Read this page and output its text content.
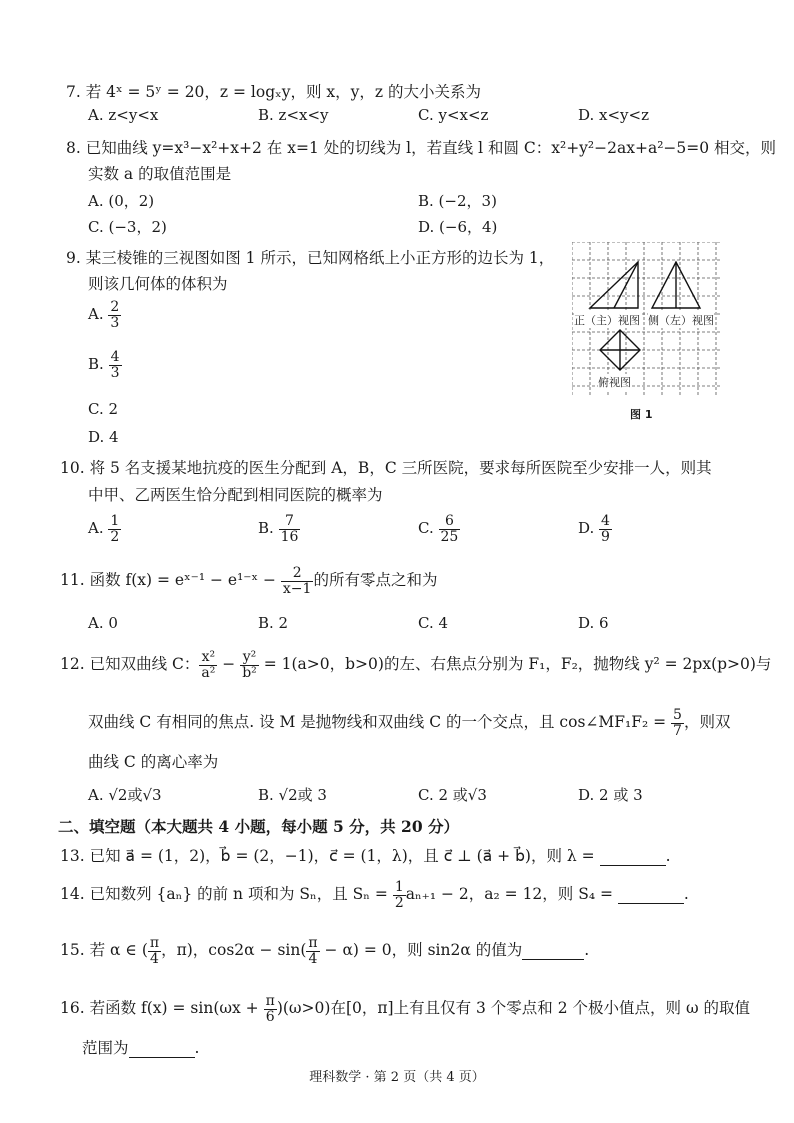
7. 若 4ˣ = 5ʸ = 20，z = logₓy，则 x，y，z 的大小关系为
A. z<y<x	B. z<x<y	C. y<x<z	D. x<y<z
8. 已知曲线 y=x³−x²+x+2 在 x=1 处的切线为 l，若直线 l 和圆 C：x²+y²−2ax+a²−5=0 相交，则
实数 a 的取值范围是
A. (0，2)	B. (−2，3)
C. (−3，2)	D. (−6，4)
9. 某三棱锥的三视图如图 1 所示，已知网格纸上小正方形的边长为 1，
则该几何体的体积为
A. $\frac{2}{3}$
B. $\frac{4}{3}$
C. 2
D. 4
正（主）视图 侧（左）视图
俯视图
图 1
10. 将 5 名支援某地抗疫的医生分配到 A，B，C 三所医院，要求每所医院至少安排一人，则其
中甲、乙两医生恰分配到相同医院的概率为
A. $\frac{1}{2}$	B. $\frac{7}{16}$	C. $\frac{6}{25}$	D. $\frac{4}{9}$
11. 函数 f(x) = eˣ⁻¹ − e¹⁻ˣ − $\frac{2}{x-1}$ 的所有零点之和为
A. 0	B. 2	C. 4	D. 6
12. 已知双曲线 C： $\frac{\text{x²}}{\text{a²}} - \frac{\text{y²}}{\text{b²}} = 1(a>0$，b>0)的左、右焦点分别为 F₁，F₂，抛物线 y² = 2px(p>0)与
双曲线 C 有相同的焦点. 设 M 是抛物线和双曲线 C 的一个交点，且 cos∠MF₁F₂ = $\frac{5}{7}$ ，则双
曲线 C 的离心率为
A. √2或√3	B. √2或 3	C. 2 或√3	D. 2 或 3
二、填空题（本大题共 4 小题，每小题 5 分，共 20 分）
13. 已知 a⃗ = (1，2)，b⃗ = (2，−1)，c⃗ = (1，λ)，且 c⃗ ⊥ (a⃗ + b⃗)，则 λ =	.
14. 已知数列 {aₙ} 的前 n 项和为 Sₙ，且 $S_n = \frac{1}{2} a_{n+1} - 2$，a₂ = 12，则 S₄ =	.
15. 若 α ∈ ( $\frac{\pi}{4}$ ，π)，$\cos 2\alpha - \sin( \frac{\pi}{4} - \alpha) = 0$，则 sin2α 的值为	.
16. 若函数 $f(x) = \sin(\omega x + \frac{\pi}{6} )(\omega>0)$在[0，π]上有且仅有 3 个零点和 2 个极小值点，则 ω 的取值
范围为	.
理科数学 · 第 2 页（共 4 页）
